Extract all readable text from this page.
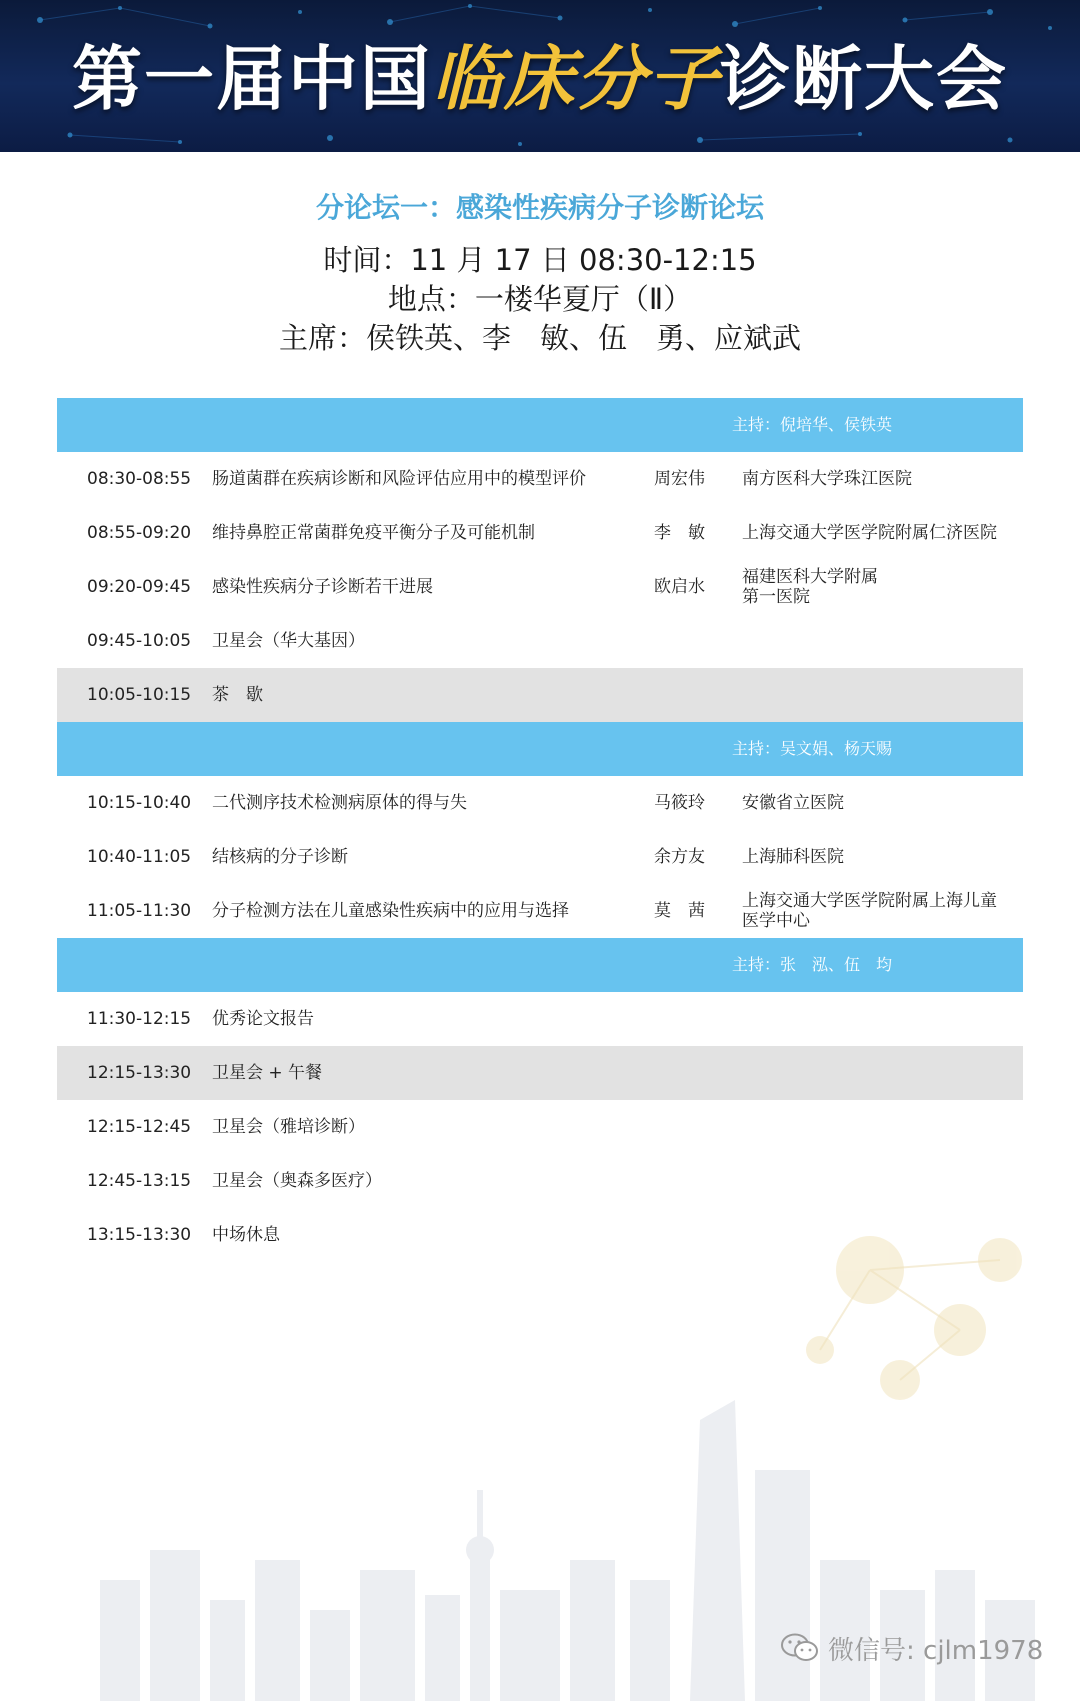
第一届中国临床分子诊断大会
分论坛一：感染性疾病分子诊断论坛
时间：11 月 17 日 08:30-12:15
地点：一楼华夏厅（Ⅱ）
主席：侯铁英、李　敏、伍　勇、应斌武
主持：倪培华、侯铁英
08:30-08:55	肠道菌群在疾病诊断和风险评估应用中的模型评价	周宏伟	南方医科大学珠江医院
08:55-09:20	维持鼻腔正常菌群免疫平衡分子及可能机制	李　敏	上海交通大学医学院附属仁济医院
09:20-09:45	感染性疾病分子诊断若干进展	欧启水	福建医科大学附属
第一医院
09:45-10:05	卫星会（华大基因）
10:05-10:15	茶　歇
主持：吴文娟、杨天赐
10:15-10:40	二代测序技术检测病原体的得与失	马筱玲	安徽省立医院
10:40-11:05	结核病的分子诊断	余方友	上海肺科医院
11:05-11:30	分子检测方法在儿童感染性疾病中的应用与选择	莫　茜	上海交通大学医学院附属上海儿童
医学中心
主持：张　泓、伍　均
11:30-12:15	优秀论文报告
12:15-13:30	卫星会 + 午餐
12:15-12:45	卫星会（雅培诊断）
12:45-13:15	卫星会（奥森多医疗）
13:15-13:30	中场休息
微信号: cjlm1978
